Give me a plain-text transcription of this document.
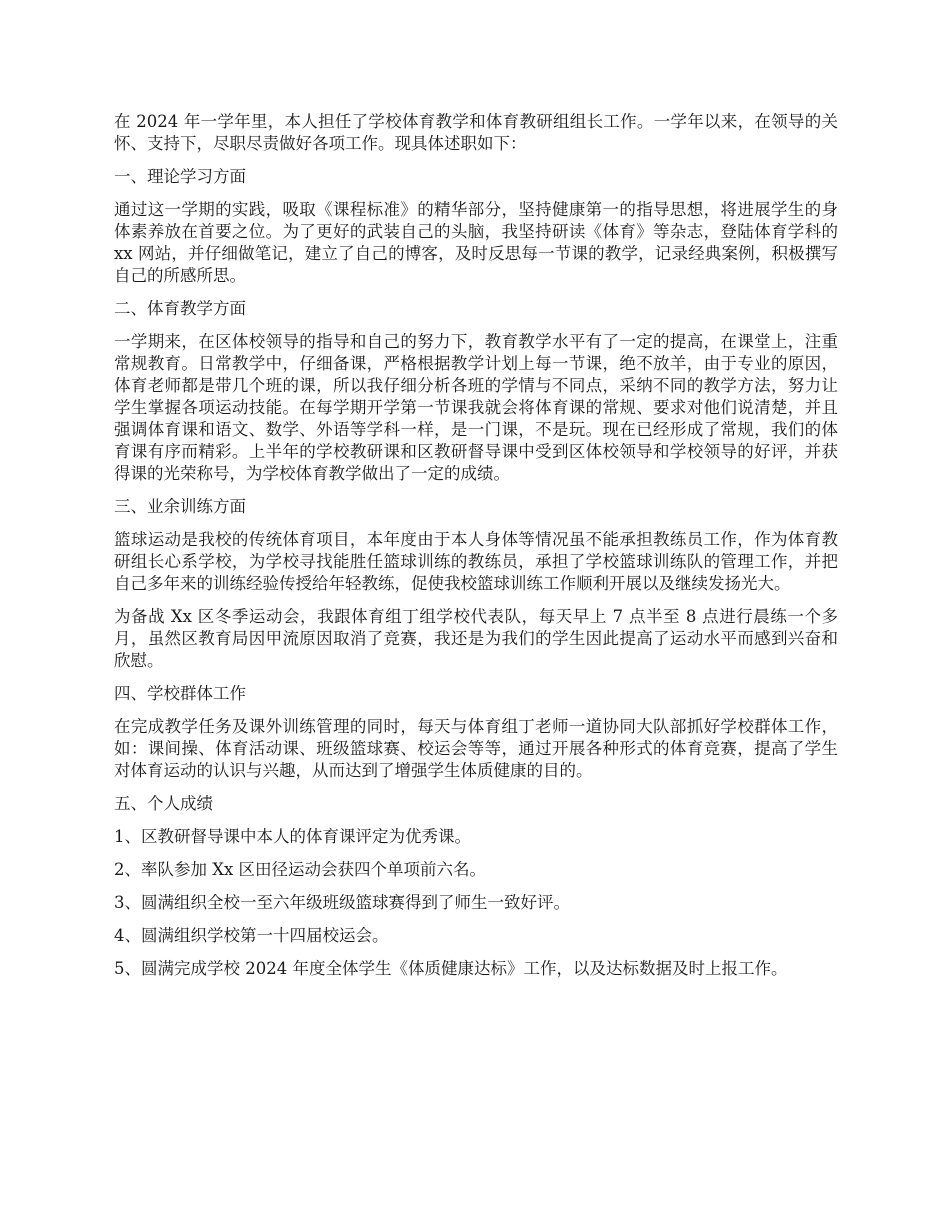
在 2024 年一学年里，本人担任了学校体育教学和体育教研组组长工作。一学年以来，在领导的关怀、支持下，尽职尽责做好各项工作。现具体述职如下：

一、理论学习方面

通过这一学期的实践，吸取《课程标准》的精华部分，坚持健康第一的指导思想，将进展学生的身体素养放在首要之位。为了更好的武装自己的头脑，我坚持研读《体育》等杂志，登陆体育学科的 xx 网站，并仔细做笔记，建立了自己的博客，及时反思每一节课的教学，记录经典案例，积极撰写自己的所感所思。

二、体育教学方面

一学期来，在区体校领导的指导和自己的努力下，教育教学水平有了一定的提高，在课堂上，注重常规教育。日常教学中，仔细备课，严格根据教学计划上每一节课，绝不放羊，由于专业的原因，体育老师都是带几个班的课，所以我仔细分析各班的学情与不同点，采纳不同的教学方法，努力让学生掌握各项运动技能。在每学期开学第一节课我就会将体育课的常规、要求对他们说清楚，并且强调体育课和语文、数学、外语等学科一样，是一门课，不是玩。现在已经形成了常规，我们的体育课有序而精彩。上半年的学校教研课和区教研督导课中受到区体校领导和学校领导的好评，并获得课的光荣称号，为学校体育教学做出了一定的成绩。

三、业余训练方面

篮球运动是我校的传统体育项目，本年度由于本人身体等情况虽不能承担教练员工作，作为体育教研组长心系学校，为学校寻找能胜任篮球训练的教练员，承担了学校篮球训练队的管理工作，并把自己多年来的训练经验传授给年轻教练，促使我校篮球训练工作顺利开展以及继续发扬光大。

为备战 Xx 区冬季运动会，我跟体育组丁组学校代表队，每天早上 7 点半至 8 点进行晨练一个多月，虽然区教育局因甲流原因取消了竞赛，我还是为我们的学生因此提高了运动水平而感到兴奋和欣慰。

四、学校群体工作

在完成教学任务及课外训练管理的同时，每天与体育组丁老师一道协同大队部抓好学校群体工作，如：课间操、体育活动课、班级篮球赛、校运会等等，通过开展各种形式的体育竞赛，提高了学生对体育运动的认识与兴趣，从而达到了增强学生体质健康的目的。

五、个人成绩

1、区教研督导课中本人的体育课评定为优秀课。

2、率队参加 Xx 区田径运动会获四个单项前六名。

3、圆满组织全校一至六年级班级篮球赛得到了师生一致好评。

4、圆满组织学校第一十四届校运会。

5、圆满完成学校 2024 年度全体学生《体质健康达标》工作，以及达标数据及时上报工作。
